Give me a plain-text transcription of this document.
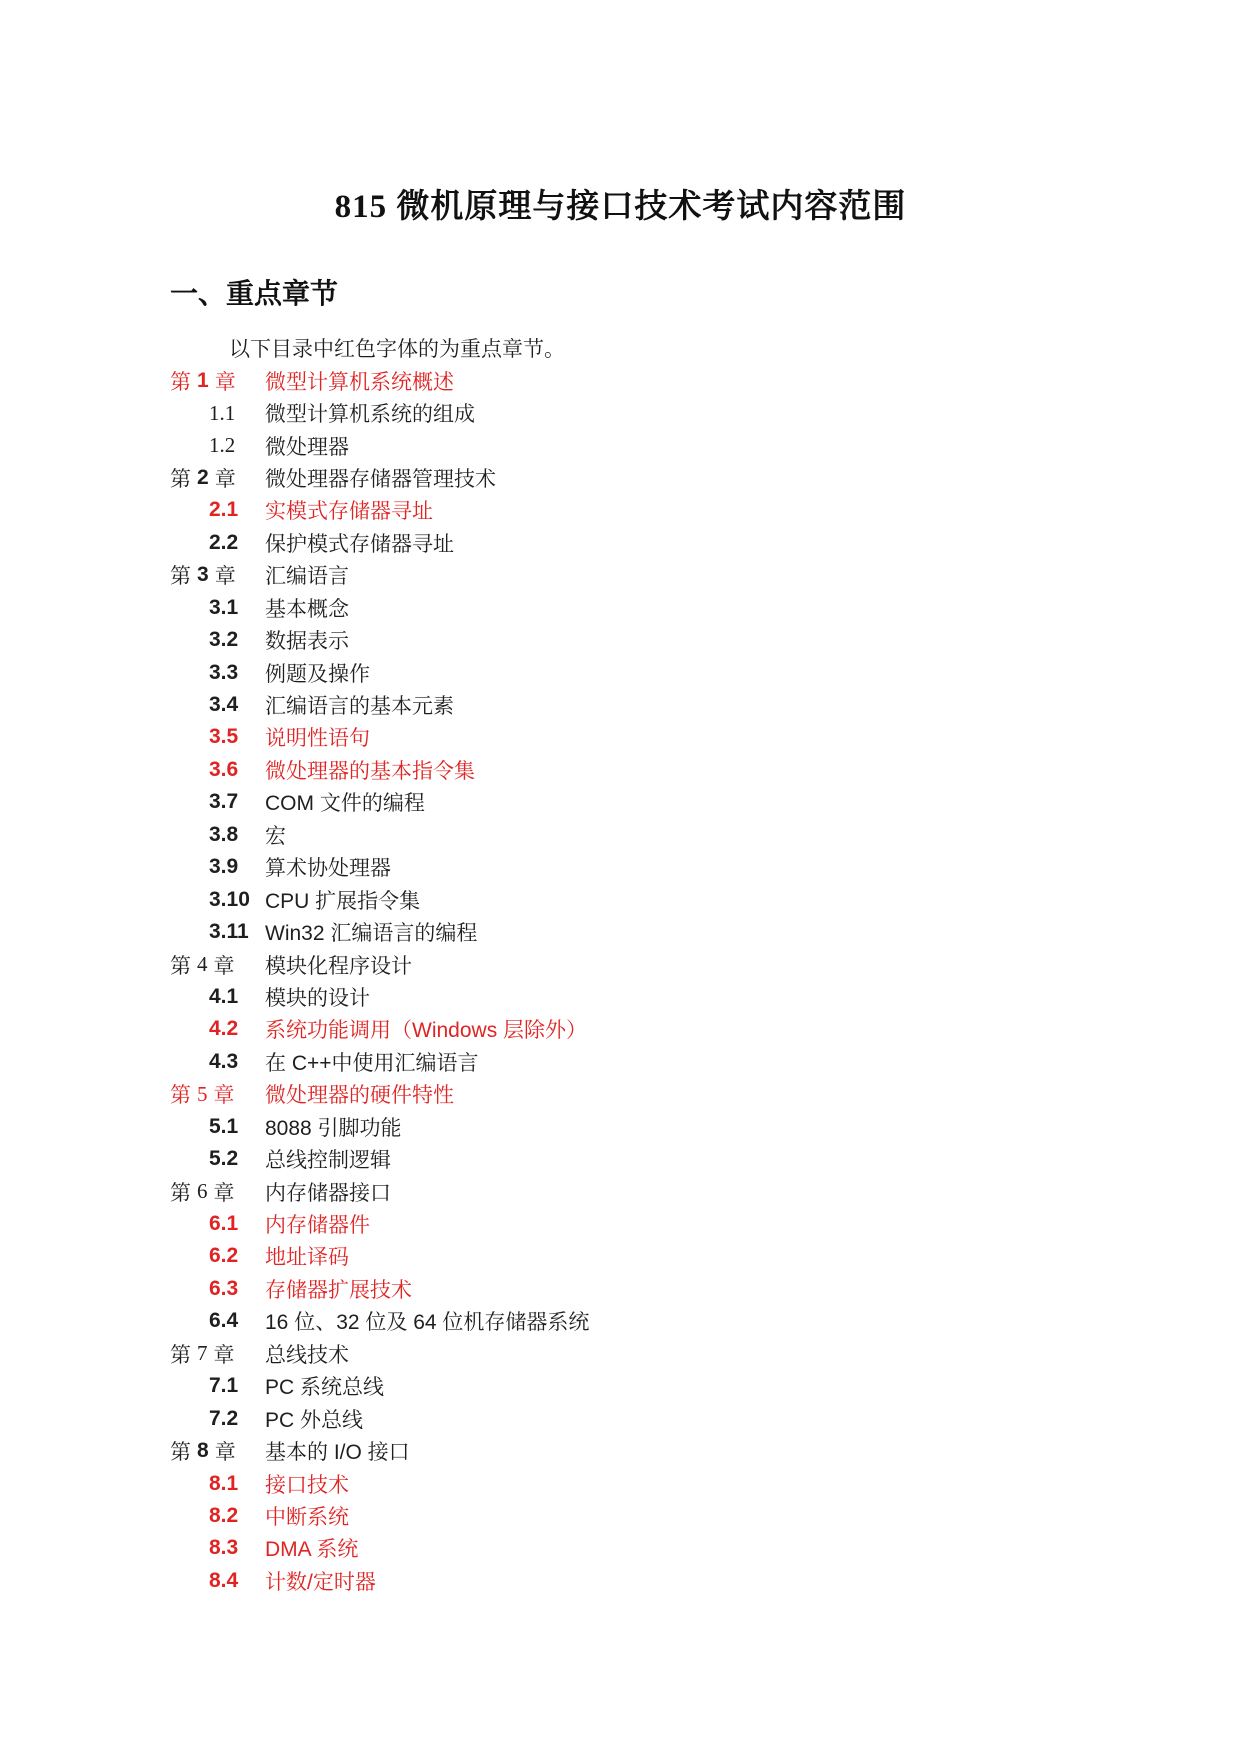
815 微机原理与接口技术考试内容范围
一、重点章节
以下目录中红色字体的为重点章节。
第 1 章 微型计算机系统概述
1.1	微型计算机系统的组成
1.2	微处理器
第 2 章 微处理器存储器管理技术
2.1	实模式存储器寻址
2.2	保护模式存储器寻址
第 3 章 汇编语言
3.1	基本概念
3.2	数据表示
3.3	例题及操作
3.4	汇编语言的基本元素
3.5	说明性语句
3.6	微处理器的基本指令集
3.7	COM 文件的编程
3.8	宏
3.9	算术协处理器
3.10 CPU 扩展指令集
3.11 Win32 汇编语言的编程
第 4 章 模块化程序设计
4.1	模块的设计
4.2	系统功能调用（Windows 层除外）
4.3	在 C++中使用汇编语言
第 5 章 微处理器的硬件特性
5.1	8088 引脚功能
5.2	总线控制逻辑
第 6 章 内存储器接口
6.1	内存储器件
6.2	地址译码
6.3	存储器扩展技术
6.4	16 位、32 位及 64 位机存储器系统
第 7 章 总线技术
7.1	PC 系统总线
7.2	PC 外总线
第 8 章 基本的 I/O 接口
8.1	接口技术
8.2	中断系统
8.3	DMA 系统
8.4	计数/定时器
